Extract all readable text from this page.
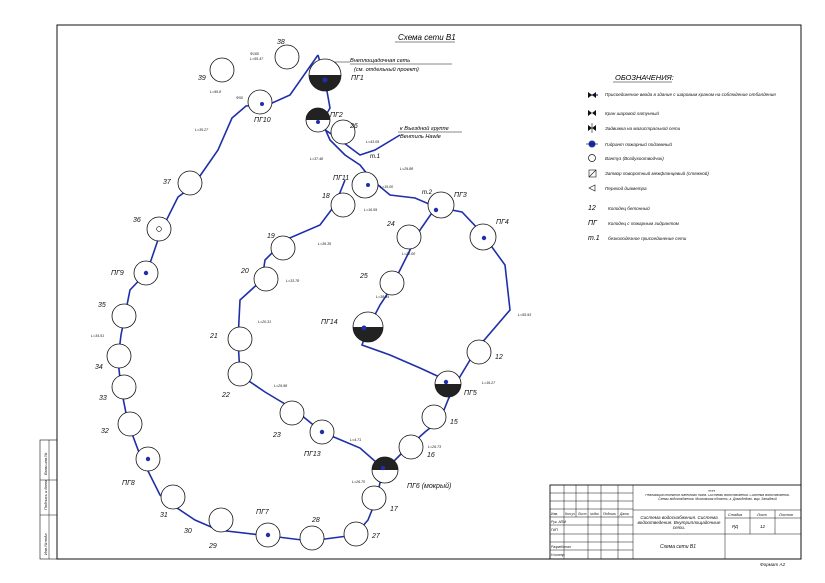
Инв.№подл.
Подпись и дата
Взам.инв.№
Схема сети В1
38
39
26
18
19
20
21
22
23
24
25
27
28
29
30
31
32
33
34
35
36
37
12
15
16
17
ПГ1
ПГ2
ПГ3
ПГ4
ПГ5
ПГ6 (мокрый)
ПГ7
ПГ8
ПГ9
ПГ10
ПГ11
ПГ13
ПГ14
Ф160
L=55.47
Ф50
L=95.8
L=35.27
L=37.48
L=43.09
L=29.88
L=15.00
L=16.59
L=36.35
L=33.78
L=20.00
L=38.94
L=20.31
L=29.98
L=4.71
L=26.70
L=16.27
L=26.73
L=55.93
L=34.51
Внеплощадочная сеть
(см. отдельный проект)
к Въездной группе
Вентиль Hawle
т.1
т.2
ОБОЗНАЧЕНИЯ:
Присоединение ввода в здание с шаровым краном на соблюдение отбалдения
Кран шаровой латунный
Задвижка на магистральной сети
Гидрант пожарный подземный
Вантуз (Воздухоотводчик)
Затвор поворотный межфланцевый (стяжной)
Переход диаметра
12	Колодец бетонный
ПГ Колодец с пожарным гидрантом
т.1 безколодезное присоединение сети
Изм. Кол.уч Лист №док Подпись	Дата
Рук. АПМ
ГИП
Разработал
Н.контр.
****
Реализация объектов линейного типа. Системы водоснабжения. Система водоснабжения. Схемы водоснабжения. Московская область, г. Домодедово. мкр. Западный
Система водоснабжения. Система водоотведения. Внутриплощадочные сети.
Схема сети В1
Стадия	Лист	Листов
РД	12
Формат А2
